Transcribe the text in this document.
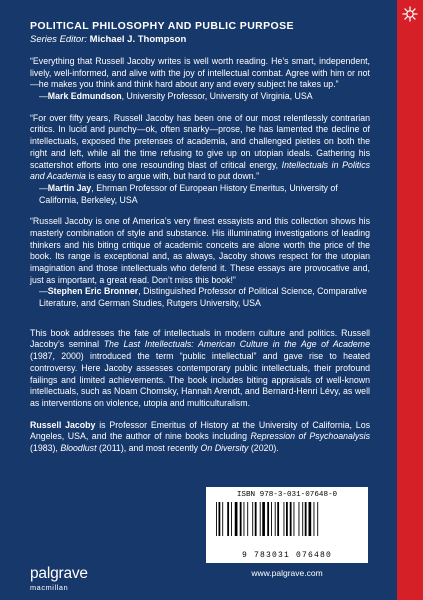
POLITICAL PHILOSOPHY AND PUBLIC PURPOSE
Series Editor: Michael J. Thompson
“Everything that Russell Jacoby writes is well worth reading. He’s smart, independent, lively, well-informed, and alive with the joy of intellectual combat. Agree with him or not—he makes you think and think hard about any and every subject he takes up.”
—Mark Edmundson, University Professor, University of Virginia, USA
“For over fifty years, Russell Jacoby has been one of our most relentlessly contrarian critics. In lucid and punchy—ok, often snarky—prose, he has lamented the decline of intellectuals, exposed the pretenses of academia, and challenged pieties on both the right and left, while all the time refusing to give up on utopian ideals. Gathering his scattershot efforts into one resounding blast of critical energy, Intellectuals in Politics and Academia is easy to argue with, but hard to put down.”
—Martin Jay, Ehrman Professor of European History Emeritus, University of California, Berkeley, USA
“Russell Jacoby is one of America’s very finest essayists and this collection shows his masterly combination of style and substance. His illuminating investigations of leading thinkers and his biting critique of academic conceits are alone worth the price of the book. Its range is exceptional and, as always, Jacoby shows respect for the utopian imagination and those intellectuals who defend it. These essays are provocative and, just as important, a great read. Don’t miss this book!”
—Stephen Eric Bronner, Distinguished Professor of Political Science, Comparative Literature, and German Studies, Rutgers University, USA
This book addresses the fate of intellectuals in modern culture and politics. Russell Jacoby’s seminal The Last Intellectuals: American Culture in the Age of Academe (1987, 2000) introduced the term “public intellectual” and gave rise to heated controversy. Here Jacoby assesses contemporary public intellectuals, their profound failings and limited achievements. The book includes biting appraisals of well-known intellectuals, such as Noam Chomsky, Hannah Arendt, and Bernard-Henri Lévy, as well as interventions on violence, utopia and multiculturalism.
Russell Jacoby is Professor Emeritus of History at the University of California, Los Angeles, USA, and the author of nine books including Repression of Psychoanalysis (1983), Bloodlust (2011), and most recently On Diversity (2020).
ISBN 978-3-031-07648-0
9 783031 076480
www.palgrave.com
palgrave
macmillan
